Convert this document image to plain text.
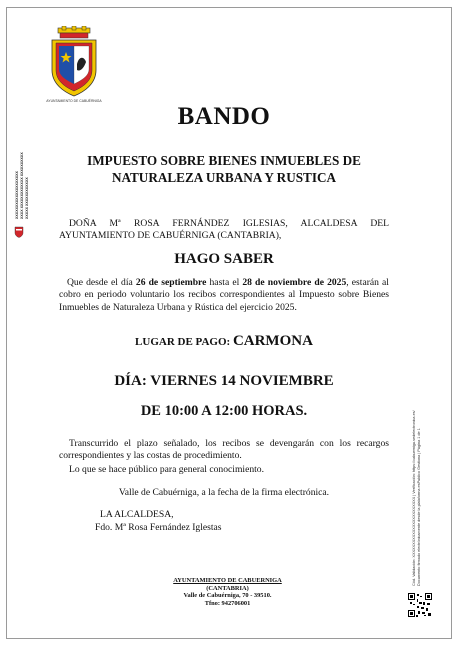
AYUNTAMIENTO DE CABUÉRNIGA
XXXXXXXXXXXXXXXXXXXX XXXX XXXXXXXXXXXXX XXXXXXXXXX XXXXX XXXXXXXXXXXX
BANDO
IMPUESTO SOBRE BIENES INMUEBLES DE
NATURALEZA URBANA Y RUSTICA
DOÑA Mª ROSA FERNÁNDEZ IGLESIAS, ALCALDESA DEL AYUNTAMIENTO DE CABUÉRNIGA (CANTABRIA),
HAGO SABER
Que desde el día 26 de septiembre hasta el 28 de noviembre de 2025, estarán al cobro en periodo voluntario los recibos correspondientes al Impuesto sobre Bienes Inmuebles de Naturaleza Urbana y Rústica del ejercicio 2025.
LUGAR DE PAGO: CARMONA
DÍA: VIERNES 14 NOVIEMBRE
DE 10:00 A 12:00 HORAS.
Transcurrido el plazo señalado, los recibos se devengarán con los recargos correspondientes y las costas de procedimiento.
Lo que se hace público para general conocimiento.
Valle de Cabuérniga, a la fecha de la firma electrónica.
LA ALCALDESA,
Fdo. Mª Rosa Fernández Iglestas
AYUNTAMIENTO DE CABUERNIGA
(CANTABRIA)
Valle de Cabuérniga, 70 - 39510.
Tfno: 942706001
Cód. Validación: XXXXXXXXXXXXXXXXXXXXXXXX | Verificación: https://cabuerniga.sedelectronica.es/ Documento firmado electrónicamente desde la plataforma esPublico Gestiona | Página 1 de 1
